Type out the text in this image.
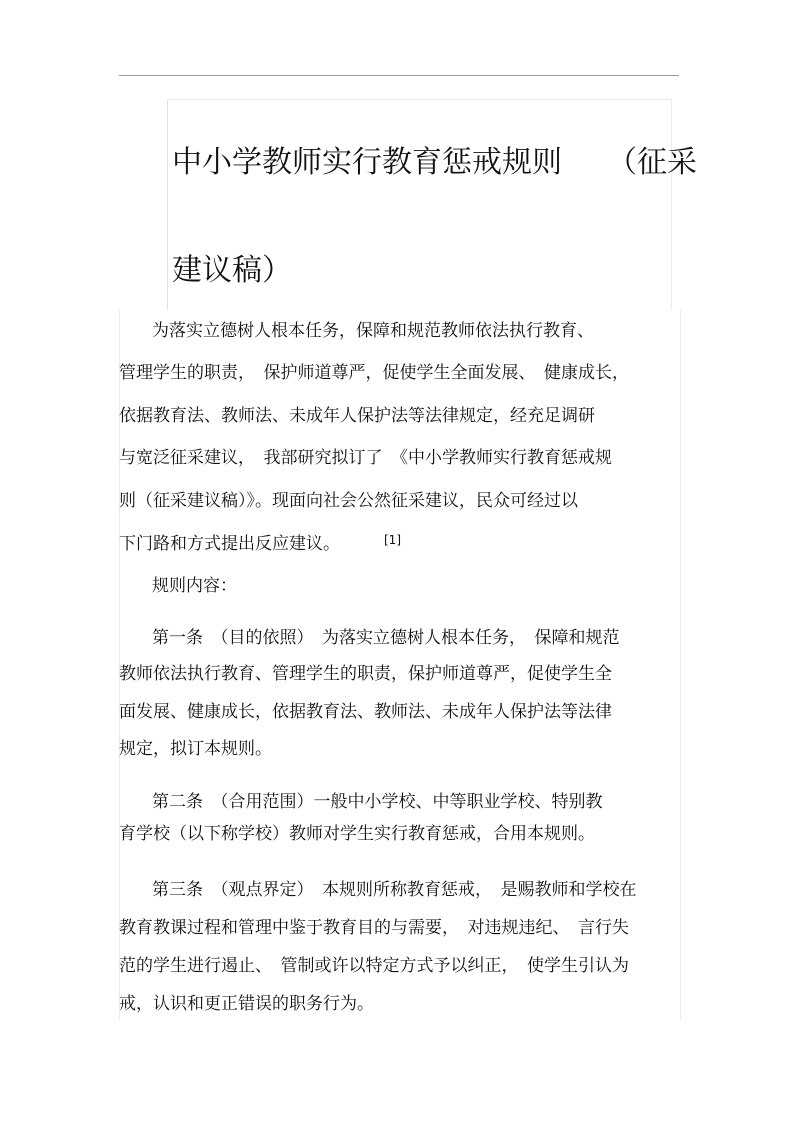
中小学教师实行教育惩戒规则　　（征采
建议稿）
为落实立德树人根本任务，保障和规范教师依法执行教育、
管理学生的职责，　保护师道尊严，促使学生全面发展、　健康成长，
依据教育法、教师法、未成年人保护法等法律规定，经充足调研
与宽泛征采建议，　我部研究拟订了　《中小学教师实行教育惩戒规
则（征采建议稿）》。现面向社会公然征采建议，民众可经过以
下门路和方式提出反应建议。	[1]
规则内容：
第一条　（目的依照）　为落实立德树人根本任务，　保障和规范
教师依法执行教育、管理学生的职责，保护师道尊严，促使学生全
面发展、健康成长，依据教育法、教师法、未成年人保护法等法律
规定，拟订本规则。
第二条　（合用范围）一般中小学校、中等职业学校、特别教
育学校（以下称学校）教师对学生实行教育惩戒，合用本规则。
第三条　（观点界定）　本规则所称教育惩戒，　是赐教师和学校在
教育教课过程和管理中鉴于教育目的与需要，　对违规违纪、　言行失
范的学生进行遏止、　管制或许以特定方式予以纠正，　使学生引认为
戒，认识和更正错误的职务行为。
